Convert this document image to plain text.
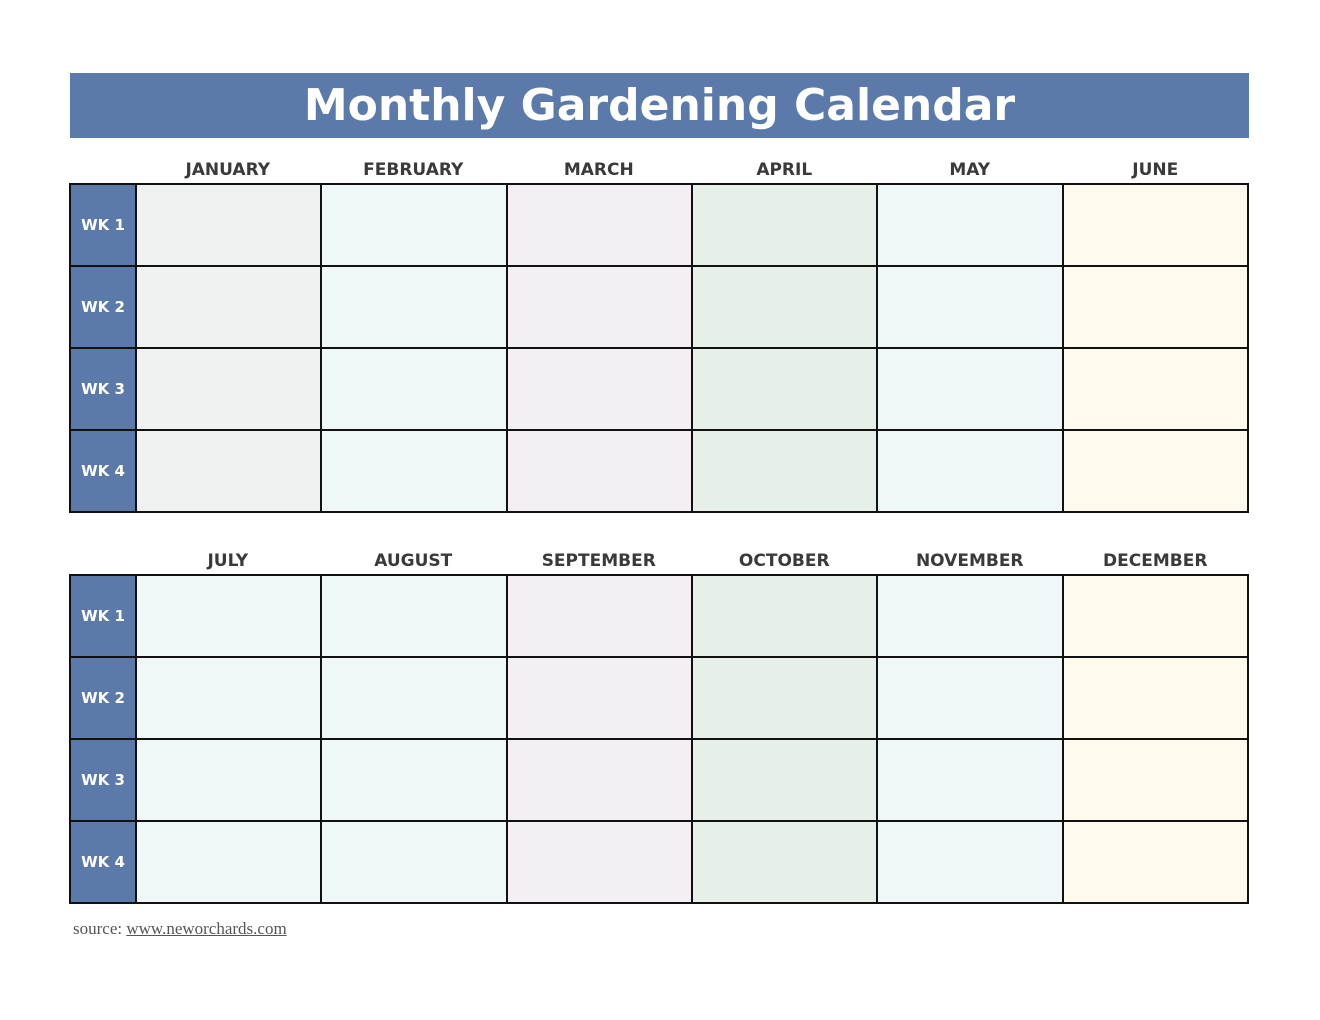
Monthly Gardening Calendar
JANUARY	FEBRUARY	MARCH	APRIL	MAY	JUNE
WK 1
WK 2
WK 3
WK 4
JULY	AUGUST	SEPTEMBER	OCTOBER	NOVEMBER	DECEMBER
WK 1
WK 2
WK 3
WK 4
source: www.neworchards.com
